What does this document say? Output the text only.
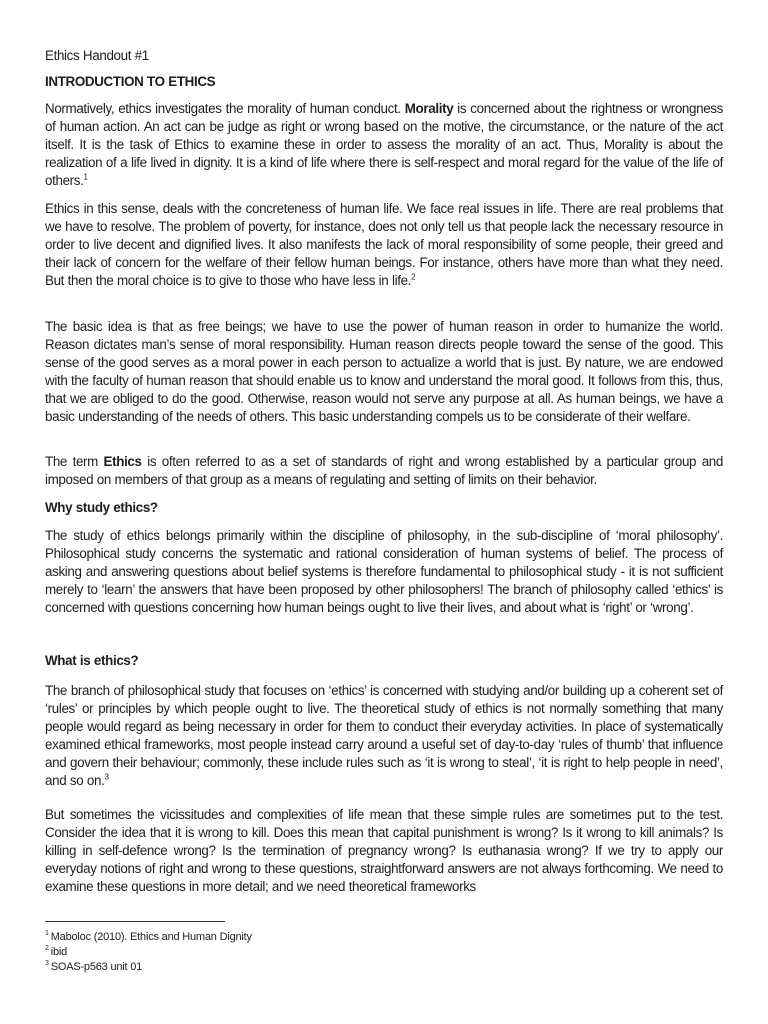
Ethics Handout #1
INTRODUCTION TO ETHICS

Normatively, ethics investigates the morality of human conduct. Morality is concerned about the rightness or wrongness of human action. An act can be judge as right or wrong based on the motive, the circumstance, or the nature of the act itself. It is the task of Ethics to examine these in order to assess the morality of an act. Thus, Morality is about the realization of a life lived in dignity. It is a kind of life where there is self-respect and moral regard for the value of the life of others.$^1$

Ethics in this sense, deals with the concreteness of human life. We face real issues in life. There are real problems that we have to resolve. The problem of poverty, for instance, does not only tell us that people lack the necessary resource in order to live decent and dignified lives. It also manifests the lack of moral responsibility of some people, their greed and their lack of concern for the welfare of their fellow human beings. For instance, others have more than what they need. But then the moral choice is to give to those who have less in life.$^2$

The basic idea is that as free beings; we have to use the power of human reason in order to humanize the world. Reason dictates man’s sense of moral responsibility. Human reason directs people toward the sense of the good. This sense of the good serves as a moral power in each person to actualize a world that is just. By nature, we are endowed with the faculty of human reason that should enable us to know and understand the moral good. It follows from this, thus, that we are obliged to do the good. Otherwise, reason would not serve any purpose at all. As human beings, we have a basic understanding of the needs of others. This basic understanding compels us to be considerate of their welfare.

The term Ethics is often referred to as a set of standards of right and wrong established by a particular group and imposed on members of that group as a means of regulating and setting of limits on their behavior.

Why study ethics?

The study of ethics belongs primarily within the discipline of philosophy, in the sub-discipline of ‘moral philosophy’. Philosophical study concerns the systematic and rational consideration of human systems of belief. The process of asking and answering questions about belief systems is therefore fundamental to philosophical study - it is not sufficient merely to ‘learn’ the answers that have been proposed by other philosophers! The branch of philosophy called ‘ethics’ is concerned with questions concerning how human beings ought to live their lives, and about what is ‘right’ or ‘wrong’.

What is ethics?

The branch of philosophical study that focuses on ‘ethics’ is concerned with studying and/or building up a coherent set of ‘rules’ or principles by which people ought to live. The theoretical study of ethics is not normally something that many people would regard as being necessary in order for them to conduct their everyday activities. In place of systematically examined ethical frameworks, most people instead carry around a useful set of day-to-day ‘rules of thumb’ that influence and govern their behaviour; commonly, these include rules such as ‘it is wrong to steal’, ‘it is right to help people in need’, and so on.$^3$

But sometimes the vicissitudes and complexities of life mean that these simple rules are sometimes put to the test. Consider the idea that it is wrong to kill. Does this mean that capital punishment is wrong? Is it wrong to kill animals? Is killing in self-defence wrong? Is the termination of pregnancy wrong? Is euthanasia wrong? If we try to apply our everyday notions of right and wrong to these questions, straightforward answers are not always forthcoming. We need to examine these questions in more detail; and we need theoretical frameworks

$^1$ Maboloc (2010). Ethics and Human Dignity
$^2$ ibid
$^3$ SOAS-p563 unit 01
